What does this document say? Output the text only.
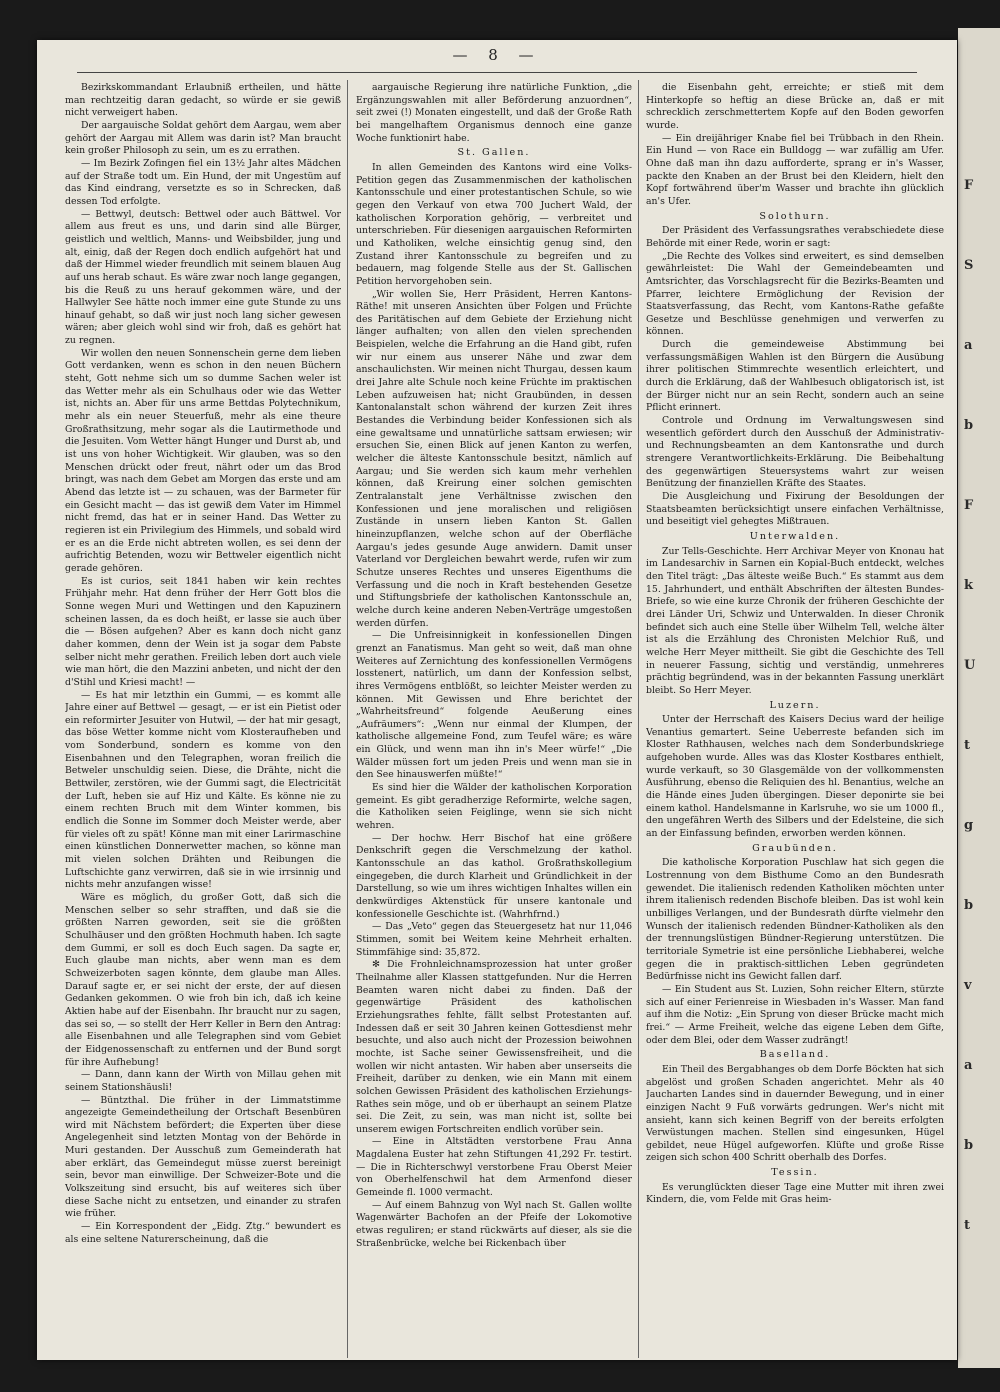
F
S
a
b
F
k
U
t
g
b
v
a
b
t
— 8 —

Bezirkskommandant Erlaubniß ertheilen, und hätte man rechtzeitig daran gedacht, so würde er sie gewiß nicht verweigert haben.

Der aargauische Soldat gehört dem Aargau, wem aber gehört der Aargau mit Allem was darin ist? Man braucht kein großer Philosoph zu sein, um es zu errathen.

— Im Bezirk Zofingen fiel ein 13½ Jahr altes Mädchen auf der Straße todt um. Ein Hund, der mit Ungestüm auf das Kind eindrang, versetzte es so in Schrecken, daß dessen Tod erfolgte.

— Bettwyl, deutsch: Bettwel oder auch Bättwel. Vor allem aus freut es uns, und darin sind alle Bürger, geistlich und weltlich, Manns- und Weibsbilder, jung und alt, einig, daß der Regen doch endlich aufgehört hat und daß der Himmel wieder freundlich mit seinem blauen Aug auf uns herab schaut. Es wäre zwar noch lange gegangen, bis die Reuß zu uns herauf gekommen wäre, und der Hallwyler See hätte noch immer eine gute Stunde zu uns hinauf gehabt, so daß wir just noch lang sicher gewesen wären; aber gleich wohl sind wir froh, daß es gehört hat zu regnen.

Wir wollen den neuen Sonnenschein gerne dem lieben Gott verdanken, wenn es schon in den neuen Büchern steht, Gott nehme sich um so dumme Sachen weler ist das Wetter mehr als ein Schulhaus oder wie das Wetter ist, nichts an. Aber für uns arme Bettdas Polytechnikum, mehr als ein neuer Steuerfuß, mehr als eine theure Großrathsitzung, mehr sogar als die Lautirmethode und die Jesuiten. Vom Wetter hängt Hunger und Durst ab, und ist uns von hoher Wichtigkeit. Wir glauben, was so den Menschen drückt oder freut, nährt oder um das Brod bringt, was nach dem Gebet am Morgen das erste und am Abend das letzte ist — zu schauen, was der Barmeter für ein Gesicht macht — das ist gewiß dem Vater im Himmel nicht fremd, das hat er in seiner Hand. Das Wetter zu regieren ist ein Privilegium des Himmels, und sobald wird er es an die Erde nicht abtreten wollen, es sei denn der aufrichtig Betenden, wozu wir Bettweler eigentlich nicht gerade gehören.

Es ist curios, seit 1841 haben wir kein rechtes Frühjahr mehr. Hat denn früher der Herr Gott blos die Sonne wegen Muri und Wettingen und den Kapuzinern scheinen lassen, da es doch heißt, er lasse sie auch über die — Bösen aufgehen? Aber es kann doch nicht ganz daher kommen, denn der Wein ist ja sogar dem Pabste selber nicht mehr gerathen. Freilich leben dort auch viele wie man hört, die den Mazzini anbeten, und nicht der den d'Stihl und Kriesi macht! —

— Es hat mir letzthin ein Gummi, — es kommt alle Jahre einer auf Bettwel — gesagt, — er ist ein Pietist oder ein reformirter Jesuiter von Hutwil, — der hat mir gesagt, das böse Wetter komme nicht vom Klosteraufheben und vom Sonderbund, sondern es komme von den Eisenbahnen und den Telegraphen, woran freilich die Betweler unschuldig seien. Diese, die Drähte, nicht die Bettwiler, zerstören, wie der Gummi sagt, die Electricität der Luft, heben sie auf Hiz und Kälte. Es könne nie zu einem rechten Bruch mit dem Winter kommen, bis endlich die Sonne im Sommer doch Meister werde, aber für vieles oft zu spät! Könne man mit einer Larirmaschine einen künstlichen Donnerwetter machen, so könne man mit vielen solchen Drähten und Reibungen die Luftschichte ganz verwirren, daß sie in wie irrsinnig und nichts mehr anzufangen wisse!

Wäre es möglich, du großer Gott, daß sich die Menschen selber so sehr strafften, und daß sie die größten Narren geworden, seit sie die größten Schulhäuser und den größten Hochmuth haben. Ich sagte dem Gummi, er soll es doch Euch sagen. Da sagte er, Euch glaube man nichts, aber wenn man es dem Schweizerboten sagen könnte, dem glaube man Alles. Darauf sagte er, er sei nicht der erste, der auf diesen Gedanken gekommen. O wie froh bin ich, daß ich keine Aktien habe auf der Eisenbahn. Ihr braucht nur zu sagen, das sei so, — so stellt der Herr Keller in Bern den Antrag: alle Eisenbahnen und alle Telegraphen sind vom Gebiet der Eidgenossenschaft zu entfernen und der Bund sorgt für ihre Aufhebung!

— Dann, dann kann der Wirth von Millau gehen mit seinem Stationshäusli!

— Büntzthal. Die früher in der Limmatstimme angezeigte Gemeindetheilung der Ortschaft Besenbüren wird mit Nächstem befördert; die Experten über diese Angelegenheit sind letzten Montag von der Behörde in Muri gestanden. Der Ausschuß zum Gemeinderath hat aber erklärt, das Gemeindegut müsse zuerst bereinigt sein, bevor man einwillige. Der Schweizer-Bote und die Volkszeitung sind ersucht, bis auf weiteres sich über diese Sache nicht zu entsetzen, und einander zu strafen wie früher.

— Ein Korrespondent der „Eidg. Ztg.“ bewundert es als eine seltene Naturerscheinung, daß die

aargauische Regierung ihre natürliche Funktion, „die Ergänzungswahlen mit aller Beförderung anzuordnen“, seit zwei (!) Monaten eingestellt, und daß der Große Rath bei mangelhaftem Organismus dennoch eine ganze Woche funktionirt habe.

St. Gallen.

In allen Gemeinden des Kantons wird eine Volks-Petition gegen das Zusammenmischen der katholischen Kantonsschule und einer protestantischen Schule, so wie gegen den Verkauf von etwa 700 Juchert Wald, der katholischen Korporation gehörig, — verbreitet und unterschrieben. Für diesenigen aargauischen Reformirten und Katholiken, welche einsichtig genug sind, den Zustand ihrer Kantonsschule zu begreifen und zu bedauern, mag folgende Stelle aus der St. Gallischen Petition hervorgehoben sein.

„Wir wollen Sie, Herr Präsident, Herren Kantons-Räthe! mit unseren Ansichten über Folgen und Früchte des Paritätischen auf dem Gebiete der Erziehung nicht länger aufhalten; von allen den vielen sprechenden Beispielen, welche die Erfahrung an die Hand gibt, rufen wir nur einem aus unserer Nähe und zwar dem anschaulichsten. Wir meinen nicht Thurgau, dessen kaum drei Jahre alte Schule noch keine Früchte im praktischen Leben aufzuweisen hat; nicht Graubünden, in dessen Kantonalanstalt schon während der kurzen Zeit ihres Bestandes die Verbindung beider Konfessionen sich als eine gewaltsame und unnatürliche sattsam erwiesen; wir ersuchen Sie, einen Blick auf jenen Kanton zu werfen, welcher die älteste Kantonsschule besitzt, nämlich auf Aargau; und Sie werden sich kaum mehr verhehlen können, daß Kreirung einer solchen gemischten Zentralanstalt jene Verhältnisse zwischen den Konfessionen und jene moralischen und religiösen Zustände in unsern lieben Kanton St. Gallen hineinzupflanzen, welche schon auf der Oberfläche Aargau's jedes gesunde Auge anwidern. Damit unser Vaterland vor Dergleichen bewahrt werde, rufen wir zum Schutze unseres Rechtes und unseres Eigenthums die Verfassung und die noch in Kraft bestehenden Gesetze und Stiftungsbriefe der katholischen Kantonsschule an, welche durch keine anderen Neben-Verträge umgestoßen werden dürfen.

— Die Unfreisinnigkeit in konfessionellen Dingen grenzt an Fanatismus. Man geht so weit, daß man ohne Weiteres auf Zernichtung des konfessionellen Vermögens losstenert, natürlich, um dann der Konfession selbst, ihres Vermögens entblößt, so leichter Meister werden zu können. Mit Gewissen und Ehre berichtet der „Wahrheitsfreund“ folgende Aeußerung eines „Aufräumers“: „Wenn nur einmal der Klumpen, der katholische allgemeine Fond, zum Teufel wäre; es wäre ein Glück, und wenn man ihn in's Meer würfe!“ „Die Wälder müssen fort um jeden Preis und wenn man sie in den See hinauswerfen müßte!“

Es sind hier die Wälder der katholischen Korporation gemeint. Es gibt geradherzige Reformirte, welche sagen, die Katholiken seien Feiglinge, wenn sie sich nicht wehren.

— Der hochw. Herr Bischof hat eine größere Denkschrift gegen die Verschmelzung der kathol. Kantonsschule an das kathol. Großrathskollegium eingegeben, die durch Klarheit und Gründlichkeit in der Darstellung, so wie um ihres wichtigen Inhaltes willen ein denkwürdiges Aktenstück für unsere kantonale und konfessionelle Geschichte ist. (Wahrhfrnd.)

— Das „Veto“ gegen das Steuergesetz hat nur 11,046 Stimmen, somit bei Weitem keine Mehrheit erhalten. Stimmfähige sind: 35,872.

✻ Die Frohnleichnamsprozession hat unter großer Theilnahme aller Klassen stattgefunden. Nur die Herren Beamten waren nicht dabei zu finden. Daß der gegenwärtige Präsident des katholischen Erziehungsrathes fehlte, fällt selbst Protestanten auf. Indessen daß er seit 30 Jahren keinen Gottesdienst mehr besuchte, und also auch nicht der Prozession beiwohnen mochte, ist Sache seiner Gewissensfreiheit, und die wollen wir nicht antasten. Wir haben aber unserseits die Freiheit, darüber zu denken, wie ein Mann mit einem solchen Gewissen Präsident des katholischen Erziehungs-Rathes sein möge, und ob er überhaupt an seinem Platze sei. Die Zeit, zu sein, was man nicht ist, sollte bei unserem ewigen Fortschreiten endlich vorüber sein.

— Eine in Altstädten verstorbene Frau Anna Magdalena Euster hat zehn Stiftungen 41,292 Fr. testirt. — Die in Richterschwyl verstorbene Frau Oberst Meier von Oberhelfenschwil hat dem Armenfond dieser Gemeinde fl. 1000 vermacht.

— Auf einem Bahnzug von Wyl nach St. Gallen wollte Wagenwärter Bachofen an der Pfeife der Lokomotive etwas reguliren; er stand rückwärts auf dieser, als sie die Straßenbrücke, welche bei Rickenbach über

die Eisenbahn geht, erreichte; er stieß mit dem Hinterkopfe so heftig an diese Brücke an, daß er mit schrecklich zerschmettertem Kopfe auf den Boden geworfen wurde.

— Ein dreijähriger Knabe fiel bei Trübbach in den Rhein. Ein Hund — von Race ein Bulldogg — war zufällig am Ufer. Ohne daß man ihn dazu aufforderte, sprang er in's Wasser, packte den Knaben an der Brust bei den Kleidern, hielt den Kopf fortwährend über'm Wasser und brachte ihn glücklich an's Ufer.

Solothurn.

Der Präsident des Verfassungsrathes verabschiedete diese Behörde mit einer Rede, worin er sagt:

„Die Rechte des Volkes sind erweitert, es sind demselben gewährleistet: Die Wahl der Gemeindebeamten und Amtsrichter, das Vorschlagsrecht für die Bezirks-Beamten und Pfarrer, leichtere Ermöglichung der Revision der Staatsverfassung, das Recht, vom Kantons-Rathe gefaßte Gesetze und Beschlüsse genehmigen und verwerfen zu können.

Durch die gemeindeweise Abstimmung bei verfassungsmäßigen Wahlen ist den Bürgern die Ausübung ihrer politischen Stimmrechte wesentlich erleichtert, und durch die Erklärung, daß der Wahlbesuch obligatorisch ist, ist der Bürger nicht nur an sein Recht, sondern auch an seine Pflicht erinnert.

Controle und Ordnung im Verwaltungswesen sind wesentlich gefördert durch den Ausschuß der Administrativ- und Rechnungsbeamten an dem Kantonsrathe und durch strengere Verantwortlichkeits-Erklärung. Die Beibehaltung des gegenwärtigen Steuersystems wahrt zur weisen Benützung der finanziellen Kräfte des Staates.

Die Ausgleichung und Fixirung der Besoldungen der Staatsbeamten berücksichtigt unsere einfachen Verhältnisse, und beseitigt viel gehegtes Mißtrauen.

Unterwalden.

Zur Tells-Geschichte. Herr Archivar Meyer von Knonau hat im Landesarchiv in Sarnen ein Kopial-Buch entdeckt, welches den Titel trägt: „Das älteste weiße Buch.“ Es stammt aus dem 15. Jahrhundert, und enthält Abschriften der ältesten Bundes-Briefe, so wie eine kurze Chronik der früheren Geschichte der drei Länder Uri, Schwiz und Unterwalden. In dieser Chronik befindet sich auch eine Stelle über Wilhelm Tell, welche älter ist als die Erzählung des Chronisten Melchior Ruß, und welche Herr Meyer mittheilt. Sie gibt die Geschichte des Tell in neuerer Fassung, sichtig und verständig, unmehreres prächtig begründend, was in der bekannten Fassung unerklärt bleibt. So Herr Meyer.

Luzern.

Unter der Herrschaft des Kaisers Decius ward der heilige Venantius gemartert. Seine Ueberreste befanden sich im Kloster Rathhausen, welches nach dem Sonderbundskriege aufgehoben wurde. Alles was das Kloster Kostbares enthielt, wurde verkauft, so 30 Glasgemälde von der vollkommensten Ausführung, ebenso die Reliquien des hl. Benantius, welche an die Hände eines Juden übergingen. Dieser deponirte sie bei einem kathol. Handelsmanne in Karlsruhe, wo sie um 1000 fl., den ungefähren Werth des Silbers und der Edelsteine, die sich an der Einfassung befinden, erworben werden können.

Graubünden.

Die katholische Korporation Puschlaw hat sich gegen die Lostrennung von dem Bisthume Como an den Bundesrath gewendet. Die italienisch redenden Katholiken möchten unter ihrem italienisch redenden Bischofe bleiben. Das ist wohl kein unbilliges Verlangen, und der Bundesrath dürfte vielmehr den Wunsch der italienisch redenden Bündner-Katholiken als den der trennungslüstigen Bündner-Regierung unterstützen. Die territoriale Symetrie ist eine persönliche Liebhaberei, welche gegen die in praktisch-sittlichen Leben gegründeten Bedürfnisse nicht ins Gewicht fallen darf.

— Ein Student aus St. Luzien, Sohn reicher Eltern, stürzte sich auf einer Ferienreise in Wiesbaden in's Wasser. Man fand auf ihm die Notiz: „Ein Sprung von dieser Brücke macht mich frei.“ — Arme Freiheit, welche das eigene Leben dem Gifte, oder dem Blei, oder dem Wasser zudrängt!

Baselland.

Ein Theil des Bergabhanges ob dem Dorfe Böckten hat sich abgelöst und großen Schaden angerichtet. Mehr als 40 Jaucharten Landes sind in dauernder Bewegung, und in einer einzigen Nacht 9 Fuß vorwärts gedrungen. Wer's nicht mit ansieht, kann sich keinen Begriff von der bereits erfolgten Verwüstungen machen. Stellen sind eingesunken, Hügel gebildet, neue Hügel aufgeworfen. Klüfte und große Risse zeigen sich schon 400 Schritt oberhalb des Dorfes.

Tessin.

Es verunglückten dieser Tage eine Mutter mit ihren zwei Kindern, die, vom Felde mit Gras heim-
